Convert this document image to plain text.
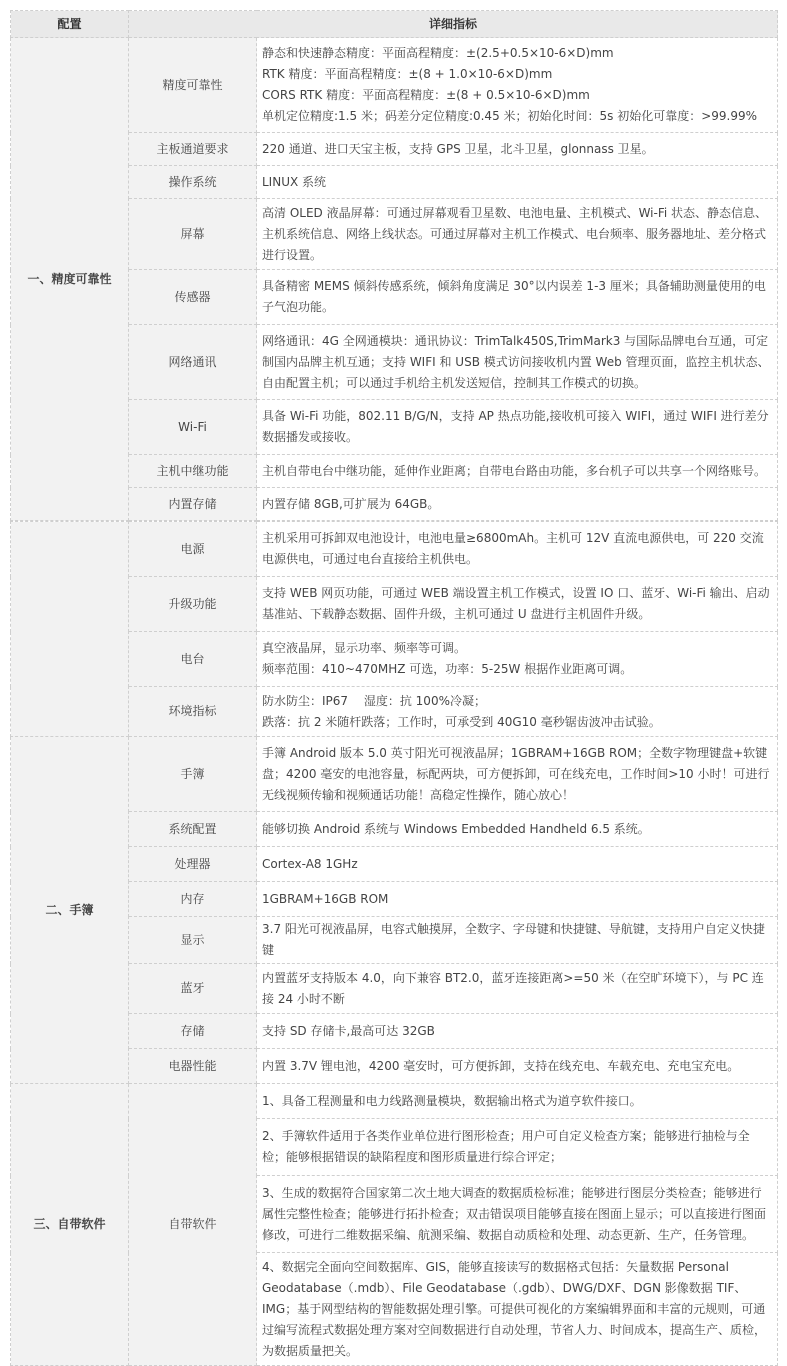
配置	详细指标	
一、精度可靠性	精度可靠性	静态和快速静态精度：平面高程精度：±(2.5+0.5×10-6×D)mm
RTK 精度：平面高程精度：±(8 + 1.0×10-6×D)mm
CORS RTK 精度：平面高程精度：±(8 + 0.5×10-6×D)mm
单机定位精度:1.5 米；码差分定位精度:0.45 米；初始化时间：5s 初始化可靠度：>99.99%

	主板通道要求	220 通道、进口天宝主板，支持 GPS 卫星，北斗卫星，glonnass 卫星。

	操作系统	LINUX 系统

	屏幕	高清 OLED 液晶屏幕：可通过屏幕观看卫星数、电池电量、主机模式、Wi-Fi 状态、静态信息、主机系统信息、网络上线状态。可通过屏幕对主机工作模式、电台频率、服务器地址、差分格式进行设置。

	传感器	具备精密 MEMS 倾斜传感系统，倾斜角度满足 30°以内误差 1-3 厘米；具备辅助测量使用的电子气泡功能。

	网络通讯	网络通讯：4G 全网通模块：通讯协议：TrimTalk450S,TrimMark3 与国际品牌电台互通，可定制国内品牌主机互通；支持 WIFI 和 USB 模式访问接收机内置 Web 管理页面，监控主机状态、自由配置主机；可以通过手机给主机发送短信，控制其工作模式的切换。

	Wi-Fi	具备 Wi-Fi 功能，802.11 B/G/N，支持 AP 热点功能,接收机可接入 WIFI，通过 WIFI 进行差分数据播发或接收。

	主机中继功能	主机自带电台中继功能，延伸作业距离；自带电台路由功能，多台机子可以共享一个网络账号。

	内置存储	内置存储 8GB,可扩展为 64GB。
	电源	主机采用可拆卸双电池设计，电池电量≥6800mAh。主机可 12V 直流电源供电，可 220 交流电源供电，可通过电台直接给主机供电。

	升级功能	支持 WEB 网页功能，可通过 WEB 端设置主机工作模式，设置 IO 口、蓝牙、Wi-Fi 输出、启动基准站、下载静态数据、固件升级，主机可通过 U 盘进行主机固件升级。

	电台	真空液晶屏，显示功率、频率等可调。
频率范围：410~470MHZ 可选，功率：5-25W 根据作业距离可调。

	环境指标	防水防尘：IP67　 湿度：抗 100%冷凝；
跌落：抗 2 米随杆跌落；工作时，可承受到 40G10 毫秒锯齿波冲击试验。

二、手簿	手簿	手簿 Android 版本 5.0 英寸阳光可视液晶屏；1GBRAM+16GB ROM；全数字物理键盘+软键盘；4200 毫安的电池容量，标配两块，可方便拆卸，可在线充电，工作时间>10 小时！可进行无线视频传输和视频通话功能！高稳定性操作，随心放心！

	系统配置	能够切换 Android 系统与 Windows Embedded Handheld 6.5 系统。

	处理器	Cortex-A8 1GHz

	内存	1GBRAM+16GB ROM

	显示	3.7 阳光可视液晶屏，电容式触摸屏，全数字、字母键和快捷键、导航键，支持用户自定义快捷键

	蓝牙	内置蓝牙支持版本 4.0，向下兼容 BT2.0，蓝牙连接距离>=50 米（在空旷环境下），与 PC 连接 24 小时不断

	存储	支持 SD 存储卡,最高可达 32GB

	电器性能	内置 3.7V 锂电池，4200 毫安时，可方便拆卸，支持在线充电、车载充电、充电宝充电。

三、自带软件	自带软件	1、具备工程测量和电力线路测量模块，数据输出格式为道亨软件接口。
		2、手簿软件适用于各类作业单位进行图形检查；用户可自定义检查方案；能够进行抽检与全检；能够根据错误的缺陷程度和图形质量进行综合评定；
		3、生成的数据符合国家第二次土地大调查的数据质检标准；能够进行图层分类检查；能够进行属性完整性检查；能够进行拓扑检查；双击错误项目能够直接在图面上显示；可以直接进行图面修改，可进行二维数据采编、航测采编、数据自动质检和处理、动态更新、生产，任务管理。
		4、数据完全面向空间数据库、GIS，能够直接读写的数据格式包括：矢量数据 Personal Geodatabase（.mdb）、File Geodatabase（.gdb）、DWG/DXF、DGN 影像数据 TIF、IMG；基于网型结构的智能数据处理引擎。可提供可视化的方案编辑界面和丰富的元规则，可通过编写流程式数据处理方案对空间数据进行自动处理，节省人力、时间成本，提高生产、质检，为数据质量把关。
